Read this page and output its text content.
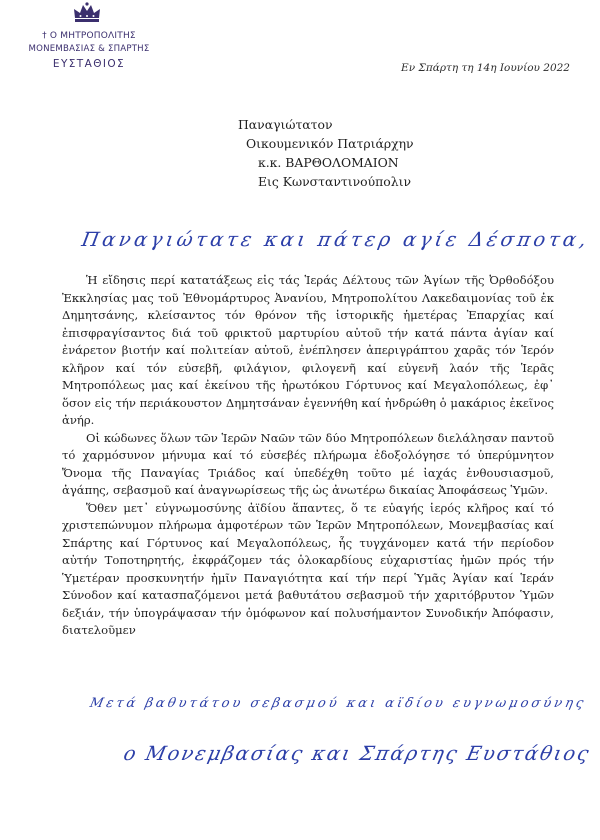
† Ο ΜΗΤΡΟΠΟΛΙΤΗΣ
ΜΟΝΕΜΒΑΣΙΑΣ & ΣΠΑΡΤΗΣ
ΕΥΣΤΑΘΙΟΣ	Εν Σπάρτη τη 14η Ιουνίου 2022
Παναγιώτατον
Οικουμενικόν Πατριάρχην
κ.κ. ΒΑΡΘΟΛΟΜΑΙΟΝ
Εις Κωνσταντινούπολιν
Παναγιώτατε και πάτερ αγίε Δέσποτα,

Ἡ εἴδησις περί κατατάξεως εἰς τάς Ἱεράς Δέλτους τῶν Ἁγίων τῆς Ὀρθοδόξου Ἐκκλησίας μας τοῦ Ἐθνομάρτυρος Ἀνανίου, Μητροπολίτου Λακεδαιμονίας τοῦ ἐκ Δημητσάνης, κλείσαντος τόν θρόνον τῆς ἱστορικῆς ἡμετέρας Ἐπαρχίας καί ἐπισφραγίσαντος διά τοῦ φρικτοῦ μαρτυρίου αὐτοῦ τήν κατά πάντα ἁγίαν καί ἐνάρετον βιοτήν καί πολιτείαν αὐτοῦ, ἐνέπλησεν ἀπεριγράπτου χαρᾶς τόν Ἱερόν κλῆρον καί τόν εὐσεβῆ, φιλάγιον, φιλογενῆ καί εὐγενῆ λαόν τῆς Ἱερᾶς Μητροπόλεως μας καί ἐκείνου τῆς ἡρωτόκου Γόρτυνος καί Μεγαλοπόλεως, ἐφ᾽ ὅσον εἰς τήν περιάκουστον Δημητσάναν ἐγεννήθη καί ἡνδρώθη ὁ μακάριος ἐκεῖνος ἀνήρ.

Οἱ κώδωνες ὅλων τῶν Ἱερῶν Ναῶν τῶν δύο Μητροπόλεων διελάλησαν παντοῦ τό χαρμόσυνον μήνυμα καί τό εὐσεβές πλήρωμα ἐδοξολόγησε τό ὑπερύμνητον Ὄνομα τῆς Παναγίας Τριάδος καί ὑπεδέχθη τοῦτο μέ ἰαχάς ἐνθουσιασμοῦ, ἀγάπης, σεβασμοῦ καί ἀναγνωρίσεως τῆς ὡς ἀνωτέρω δικαίας Ἀποφάσεως Ὑμῶν.

Ὅθεν μετ᾽ εὐγνωμοσύνης ἀϊδίου ἅπαντες, ὅ τε εὐαγής ἱερός κλῆρος καί τό χριστεπώνυμον πλήρωμα ἀμφοτέρων τῶν Ἱερῶν Μητροπόλεων, Μονεμβασίας καί Σπάρτης καί Γόρτυνος καί Μεγαλοπόλεως, ἧς τυγχάνομεν κατά τήν περίοδον αὐτήν Τοποτηρητής, ἐκφράζομεν τάς ὁλοκαρδίους εὐχαριστίας ἡμῶν πρός τήν Ὑμετέραν προσκυνητήν ἡμῖν Παναγιότητα καί τήν περί Ὑμᾶς Ἁγίαν καί Ἱεράν Σύνοδον καί κατασπαζόμενοι μετά βαθυτάτου σεβασμοῦ τήν χαριτόβρυτον Ὑμῶν δεξιάν, τήν ὑπογράψασαν τήν ὁμόφωνον καί πολυσήμαντον Συνοδικήν Ἀπόφασιν, διατελοῦμεν

Μετά βαθυτάτου σεβασμού και αϊδίου ευγνωμοσύνης
ο Μονεμβασίας και Σπάρτης Ευστάθιος
